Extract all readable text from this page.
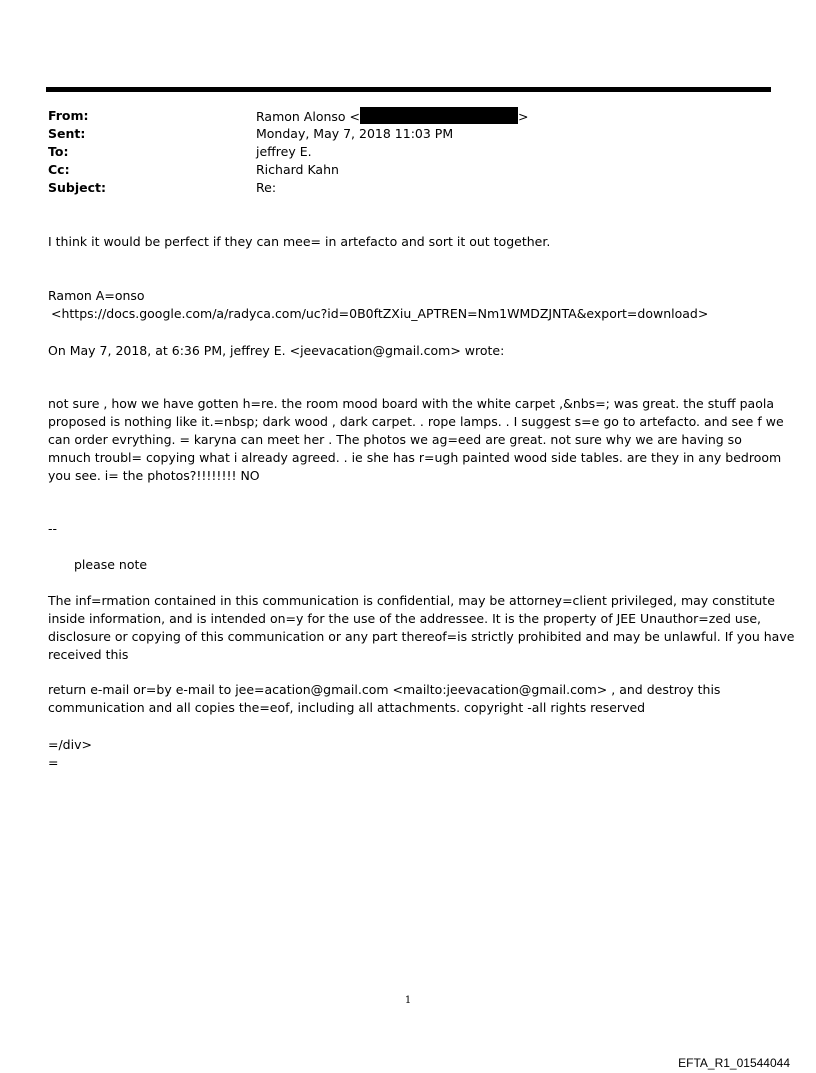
From:	Ramon Alonso <	>
Sent:	Monday, May 7, 2018 11:03 PM
To:	jeffrey E.
Cc:	Richard Kahn
Subject:	Re:

I think it would be perfect if they can mee= in artefacto and sort it out together.

Ramon A=onso

<https://docs.google.com/a/radyca.com/uc?id=0B0ftZXiu_APTREN=Nm1WMDZJNTA&export=download>

On May 7, 2018, at 6:36 PM, jeffrey E. <jeevacation@gmail.com> wrote:

not sure , how we have gotten h=re. the room mood board with the white carpet ,&nbs=; was great. the stuff paola
proposed is nothing like it.=nbsp; dark wood , dark carpet. . rope lamps. . I suggest s=e go to artefacto. and see f we
can order evrything. = karyna can meet her . The photos we ag=eed are great. not sure why we are having so
mnuch troubl= copying what i already agreed. . ie she has r=ugh painted wood side tables. are they in any bedroom
you see. i= the photos?!!!!!!!! NO

--

please note

The inf=rmation contained in this communication is confidential, may be attorney=client privileged, may constitute
inside information, and is intended on=y for the use of the addressee. It is the property of JEE Unauthor=zed use,
disclosure or copying of this communication or any part thereof=is strictly prohibited and may be unlawful. If you have
received this
return e-mail or=by e-mail to jee=acation@gmail.com <mailto:jeevacation@gmail.com> , and destroy this
communication and all copies the=eof, including all attachments. copyright -all rights reserved
=/div>
=
1
EFTA_R1_01544044
